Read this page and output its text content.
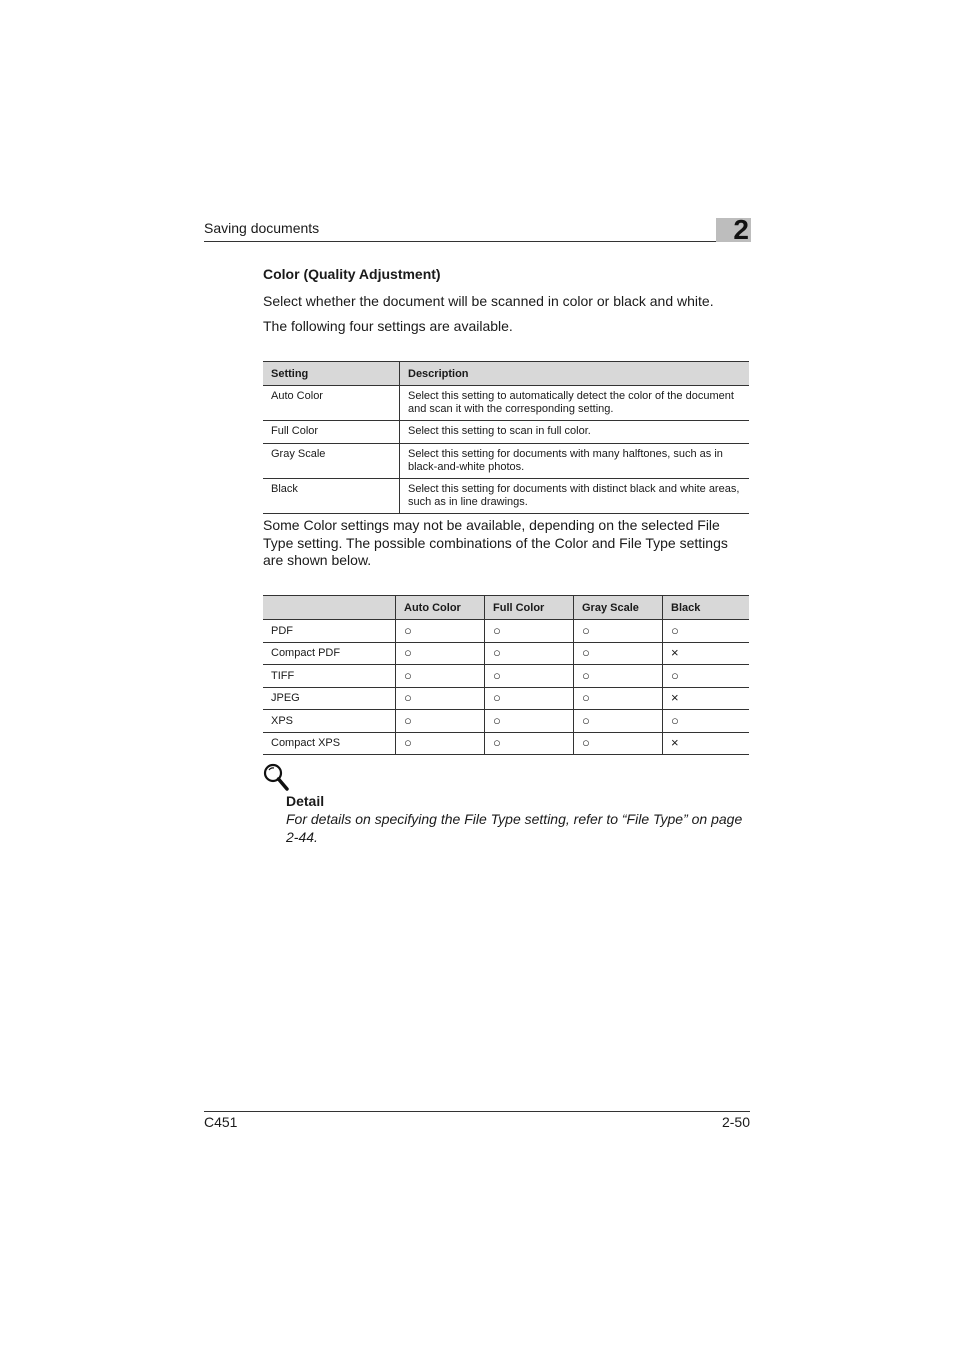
Saving documents	2
Color (Quality Adjustment)
Select whether the document will be scanned in color or black and white.
The following four settings are available.
Setting	Description
Auto Color	Select this setting to automatically detect the color of the document and scan it with the corresponding setting.
Full Color	Select this setting to scan in full color.
Gray Scale	Select this setting for documents with many halftones, such as in black-and-white photos.
Black	Select this setting for documents with distinct black and white areas, such as in line drawings.
Some Color settings may not be available, depending on the selected File Type setting. The possible combinations of the Color and File Type settings are shown below.
	Auto Color	Full Color	Gray Scale	Black
PDF	○	○	○	○
Compact PDF	○	○	○	×
TIFF	○	○	○	○
JPEG	○	○	○	×
XPS	○	○	○	○
Compact XPS	○	○	○	×
Detail
For details on specifying the File Type setting, refer to “File Type” on page 2-44.
C451	2-50
